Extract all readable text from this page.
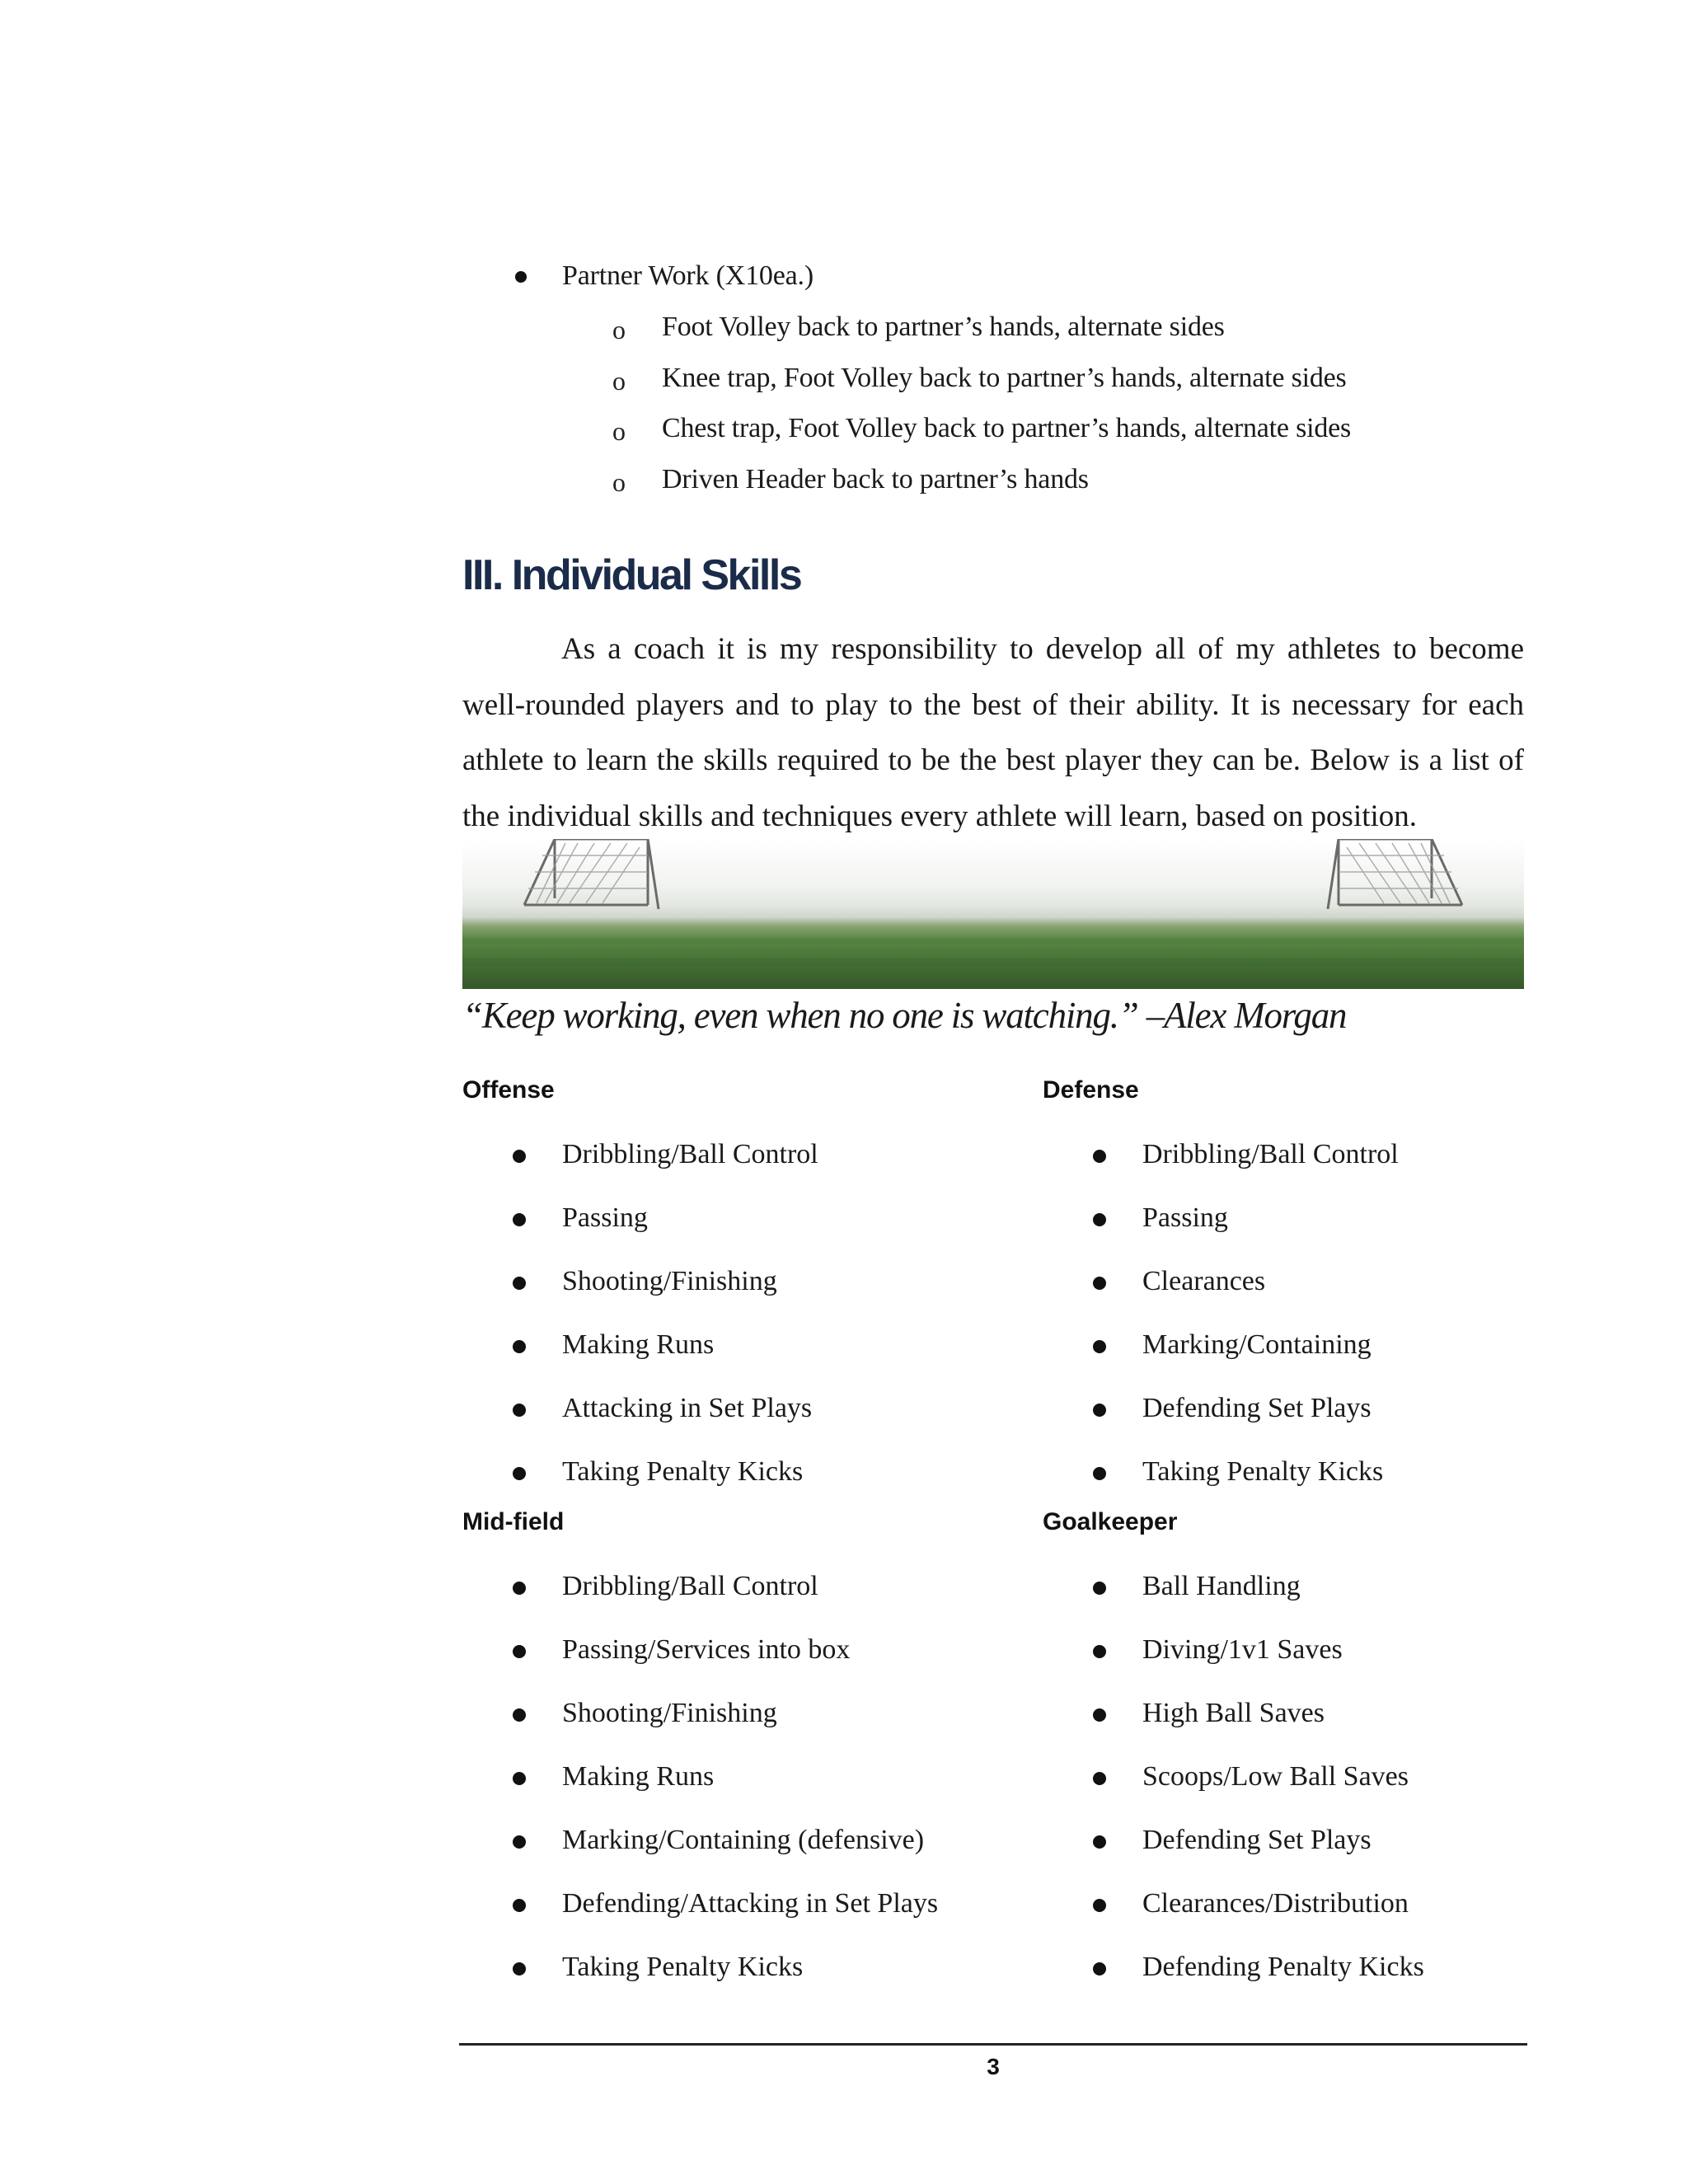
Partner Work (X10ea.)
o Foot Volley back to partner’s hands, alternate sides
o Knee trap, Foot Volley back to partner’s hands, alternate sides
o Chest trap, Foot Volley back to partner’s hands, alternate sides
o Driven Header back to partner’s hands
III. Individual Skills

As a coach it is my responsibility to develop all of my athletes to become well-rounded players and to play to the best of their ability. It is necessary for each athlete to learn the skills required to be the best player they can be. Below is a list of the individual skills and techniques every athlete will learn, based on position.

“Keep working, even when no one is watching.” –Alex Morgan
Offense
Dribbling/Ball Control
Passing
Shooting/Finishing
Making Runs
Attacking in Set Plays
Taking Penalty Kicks
Defense
Dribbling/Ball Control
Passing
Clearances
Marking/Containing
Defending Set Plays
Taking Penalty Kicks
Mid-field
Dribbling/Ball Control
Passing/Services into box
Shooting/Finishing
Making Runs
Marking/Containing (defensive)
Defending/Attacking in Set Plays
Taking Penalty Kicks
Goalkeeper
Ball Handling
Diving/1v1 Saves
High Ball Saves
Scoops/Low Ball Saves
Defending Set Plays
Clearances/Distribution
Defending Penalty Kicks
3
